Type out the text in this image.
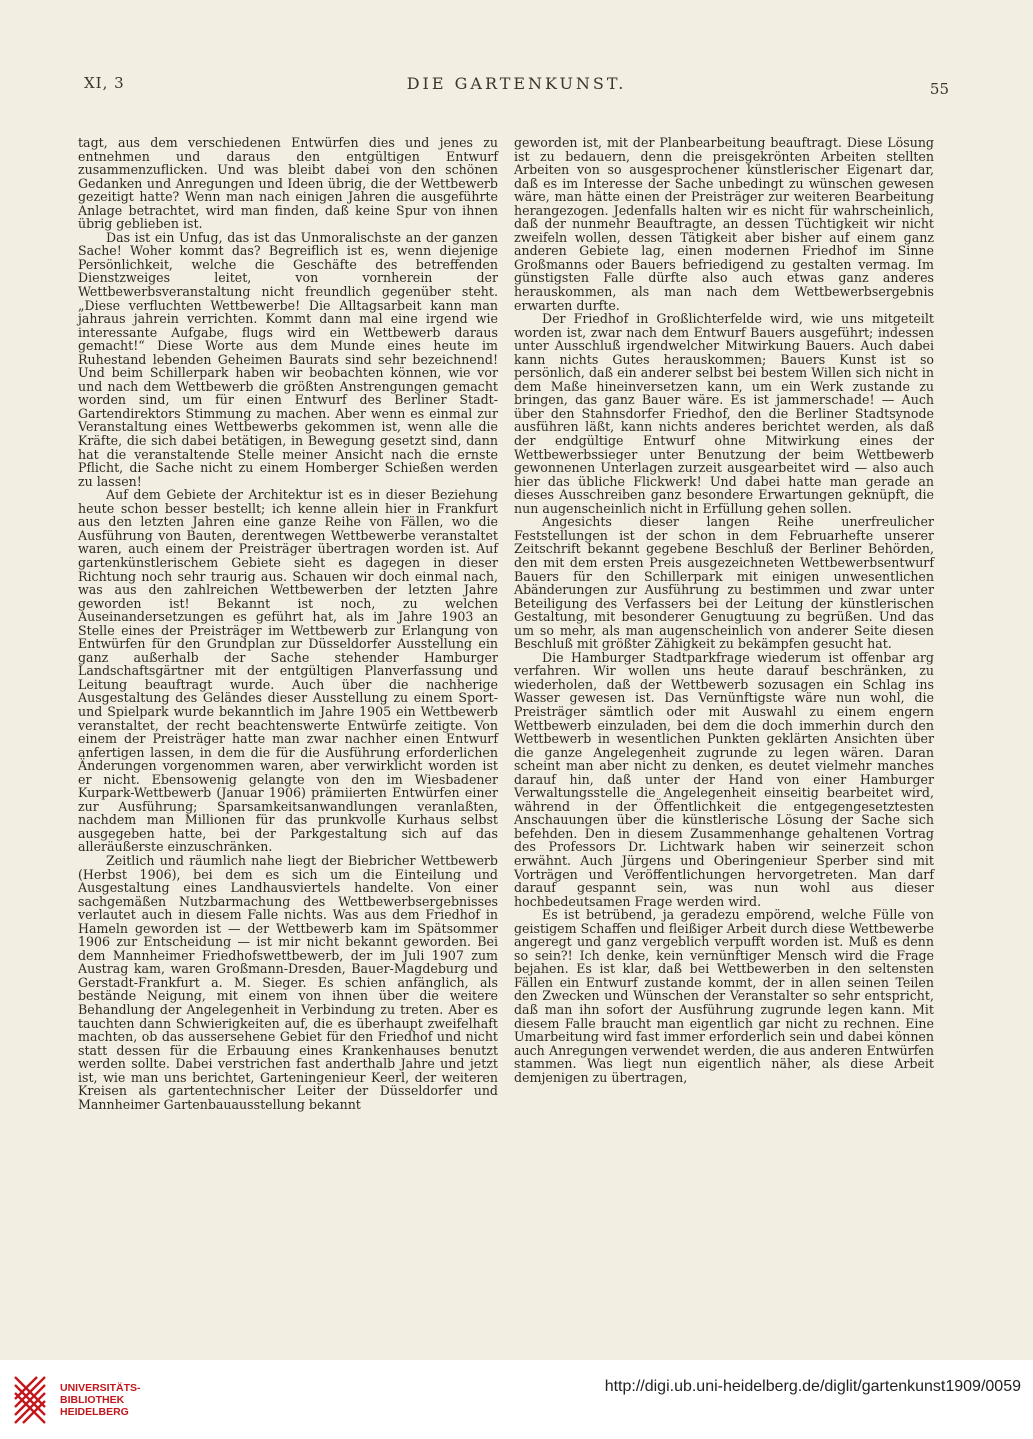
XI, 3	DIE GARTENKUNST.	55

tagt, aus dem verschiedenen Entwürfen dies und jenes zu entnehmen und daraus den entgültigen Entwurf zusammenzuflicken. Und was bleibt dabei von den schönen Gedanken und Anregungen und Ideen übrig, die der Wettbewerb gezeitigt hatte? Wenn man nach einigen Jahren die ausgeführte Anlage betrachtet, wird man finden, daß keine Spur von ihnen übrig geblieben ist.

Das ist ein Unfug, das ist das Unmoralischste an der ganzen Sache! Woher kommt das? Begreiflich ist es, wenn diejenige Persönlichkeit, welche die Geschäfte des betreffenden Dienstzweiges leitet, von vornherein der Wettbewerbsveranstaltung nicht freundlich gegenüber steht. „Diese verfluchten Wettbewerbe! Die Alltagsarbeit kann man jahraus jahrein verrichten. Kommt dann mal eine irgend wie interessante Aufgabe, flugs wird ein Wettbewerb daraus gemacht!“ Diese Worte aus dem Munde eines heute im Ruhestand lebenden Geheimen Baurats sind sehr bezeichnend! Und beim Schillerpark haben wir beobachten können, wie vor und nach dem Wettbewerb die größten Anstrengungen gemacht worden sind, um für einen Entwurf des Berliner Stadt-Gartendirektors Stimmung zu machen. Aber wenn es einmal zur Veranstaltung eines Wettbewerbs gekommen ist, wenn alle die Kräfte, die sich dabei betätigen, in Bewegung gesetzt sind, dann hat die veranstaltende Stelle meiner Ansicht nach die ernste Pflicht, die Sache nicht zu einem Homberger Schießen werden zu lassen!

Auf dem Gebiete der Architektur ist es in dieser Beziehung heute schon besser bestellt; ich kenne allein hier in Frankfurt aus den letzten Jahren eine ganze Reihe von Fällen, wo die Ausführung von Bauten, derentwegen Wettbewerbe veranstaltet waren, auch einem der Preisträger übertragen worden ist. Auf gartenkünstlerischem Gebiete sieht es dagegen in dieser Richtung noch sehr traurig aus. Schauen wir doch einmal nach, was aus den zahlreichen Wettbewerben der letzten Jahre geworden ist! Bekannt ist noch, zu welchen Auseinandersetzungen es geführt hat, als im Jahre 1903 an Stelle eines der Preisträger im Wettbewerb zur Erlangung von Entwürfen für den Grundplan zur Düsseldorfer Ausstellung ein ganz außerhalb der Sache stehender Hamburger Landschaftsgärtner mit der entgültigen Planverfassung und Leitung beauftragt wurde. Auch über die nachherige Ausgestaltung des Geländes dieser Ausstellung zu einem Sport- und Spielpark wurde bekanntlich im Jahre 1905 ein Wettbewerb veranstaltet, der recht beachtenswerte Entwürfe zeitigte. Von einem der Preisträger hatte man zwar nachher einen Entwurf anfertigen lassen, in dem die für die Ausführung erforderlichen Änderungen vorgenommen waren, aber verwirklicht worden ist er nicht. Ebensowenig gelangte von den im Wiesbadener Kurpark-Wettbewerb (Januar 1906) prämiierten Entwürfen einer zur Ausführung; Sparsamkeitsanwandlungen veranlaßten, nachdem man Millionen für das prunkvolle Kurhaus selbst ausgegeben hatte, bei der Parkgestaltung sich auf das alleräußerste einzuschränken.

Zeitlich und räumlich nahe liegt der Biebricher Wettbewerb (Herbst 1906), bei dem es sich um die Einteilung und Ausgestaltung eines Landhausviertels handelte. Von einer sachgemäßen Nutzbarmachung des Wettbewerbsergebnisses verlautet auch in diesem Falle nichts. Was aus dem Friedhof in Hameln geworden ist — der Wettbewerb kam im Spätsommer 1906 zur Entscheidung — ist mir nicht bekannt geworden. Bei dem Mannheimer Friedhofswettbewerb, der im Juli 1907 zum Austrag kam, waren Großmann-Dresden, Bauer-Magdeburg und Gerstadt-Frankfurt a. M. Sieger. Es schien anfänglich, als bestände Neigung, mit einem von ihnen über die weitere Behandlung der Angelegenheit in Verbindung zu treten. Aber es tauchten dann Schwierigkeiten auf, die es überhaupt zweifelhaft machten, ob das aussersehene Gebiet für den Friedhof und nicht statt dessen für die Erbauung eines Krankenhauses benutzt werden sollte. Dabei verstrichen fast anderthalb Jahre und jetzt ist, wie man uns berichtet, Garteningenieur Keerl, der weiteren Kreisen als gartentechnischer Leiter der Düsseldorfer und Mannheimer Gartenbauausstellung bekannt

geworden ist, mit der Planbearbeitung beauftragt. Diese Lösung ist zu bedauern, denn die preisgekrönten Arbeiten stellten Arbeiten von so ausgesprochener künstlerischer Eigenart dar, daß es im Interesse der Sache unbedingt zu wünschen gewesen wäre, man hätte einen der Preisträger zur weiteren Bearbeitung herangezogen. Jedenfalls halten wir es nicht für wahrscheinlich, daß der nunmehr Beauftragte, an dessen Tüchtigkeit wir nicht zweifeln wollen, dessen Tätigkeit aber bisher auf einem ganz anderen Gebiete lag, einen modernen Friedhof im Sinne Großmanns oder Bauers befriedigend zu gestalten vermag. Im günstigsten Falle dürfte also auch etwas ganz anderes herauskommen, als man nach dem Wettbewerbsergebnis erwarten durfte.

Der Friedhof in Großlichterfelde wird, wie uns mitgeteilt worden ist, zwar nach dem Entwurf Bauers ausgeführt; indessen unter Ausschluß irgendwelcher Mitwirkung Bauers. Auch dabei kann nichts Gutes herauskommen; Bauers Kunst ist so persönlich, daß ein anderer selbst bei bestem Willen sich nicht in dem Maße hineinversetzen kann, um ein Werk zustande zu bringen, das ganz Bauer wäre. Es ist jammerschade! — Auch über den Stahnsdorfer Friedhof, den die Berliner Stadtsynode ausführen läßt, kann nichts anderes berichtet werden, als daß der endgültige Entwurf ohne Mitwirkung eines der Wettbewerbssieger unter Benutzung der beim Wettbewerb gewonnenen Unterlagen zurzeit ausgearbeitet wird — also auch hier das übliche Flickwerk! Und dabei hatte man gerade an dieses Ausschreiben ganz besondere Erwartungen geknüpft, die nun augenscheinlich nicht in Erfüllung gehen sollen.

Angesichts dieser langen Reihe unerfreulicher Feststellungen ist der schon in dem Februarhefte unserer Zeitschrift bekannt gegebene Beschluß der Berliner Behörden, den mit dem ersten Preis ausgezeichneten Wettbewerbsentwurf Bauers für den Schillerpark mit einigen unwesentlichen Abänderungen zur Ausführung zu bestimmen und zwar unter Beteiligung des Verfassers bei der Leitung der künstlerischen Gestaltung, mit besonderer Genugtuung zu begrüßen. Und das um so mehr, als man augenscheinlich von anderer Seite diesen Beschluß mit größter Zähigkeit zu bekämpfen gesucht hat.

Die Hamburger Stadtparkfrage wiederum ist offenbar arg verfahren. Wir wollen uns heute darauf beschränken, zu wiederholen, daß der Wettbewerb sozusagen ein Schlag ins Wasser gewesen ist. Das Vernünftigste wäre nun wohl, die Preisträger sämtlich oder mit Auswahl zu einem engern Wettbewerb einzuladen, bei dem die doch immerhin durch den Wettbewerb in wesentlichen Punkten geklärten Ansichten über die ganze Angelegenheit zugrunde zu legen wären. Daran scheint man aber nicht zu denken, es deutet vielmehr manches darauf hin, daß unter der Hand von einer Hamburger Verwaltungsstelle die Angelegenheit einseitig bearbeitet wird, während in der Öffentlichkeit die entgegengesetztesten Anschauungen über die künstlerische Lösung der Sache sich befehden. Den in diesem Zusammenhange gehaltenen Vortrag des Professors Dr. Lichtwark haben wir seinerzeit schon erwähnt. Auch Jürgens und Oberingenieur Sperber sind mit Vorträgen und Veröffentlichungen hervorgetreten. Man darf darauf gespannt sein, was nun wohl aus dieser hochbedeutsamen Frage werden wird.

Es ist betrübend, ja geradezu empörend, welche Fülle von geistigem Schaffen und fleißiger Arbeit durch diese Wettbewerbe angeregt und ganz vergeblich verpufft worden ist. Muß es denn so sein?! Ich denke, kein vernünftiger Mensch wird die Frage bejahen. Es ist klar, daß bei Wettbewerben in den seltensten Fällen ein Entwurf zustande kommt, der in allen seinen Teilen den Zwecken und Wünschen der Veranstalter so sehr entspricht, daß man ihn sofort der Ausführung zugrunde legen kann. Mit diesem Falle braucht man eigentlich gar nicht zu rechnen. Eine Umarbeitung wird fast immer erforderlich sein und dabei können auch Anregungen verwendet werden, die aus anderen Entwürfen stammen. Was liegt nun eigentlich näher, als diese Arbeit demjenigen zu übertragen,

UNIVERSITÄTS-
BIBLIOTHEK
HEIDELBERG
http://digi.ub.uni-heidelberg.de/diglit/gartenkunst1909/0059
